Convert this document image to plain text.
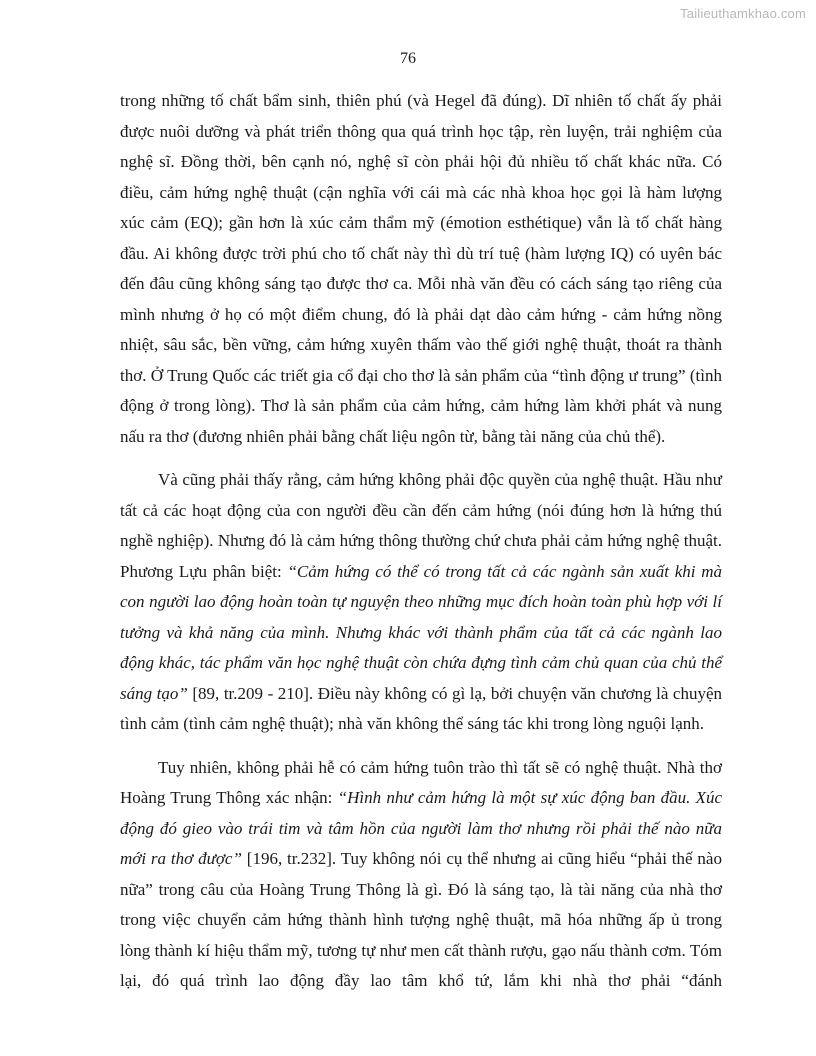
Tailieuthamkhao.com
76

trong những tố chất bẩm sinh, thiên phú (và Hegel đã đúng). Dĩ nhiên tố chất ấy phải được nuôi dưỡng và phát triển thông qua quá trình học tập, rèn luyện, trải nghiệm của nghệ sĩ. Đồng thời, bên cạnh nó, nghệ sĩ còn phải hội đủ nhiều tố chất khác nữa. Có điều, cảm hứng nghệ thuật (cận nghĩa với cái mà các nhà khoa học gọi là hàm lượng xúc cảm (EQ); gần hơn là xúc cảm thẩm mỹ (émotion esthétique) vẫn là tố chất hàng đầu. Ai không được trời phú cho tố chất này thì dù trí tuệ (hàm lượng IQ) có uyên bác đến đâu cũng không sáng tạo được thơ ca. Mỗi nhà văn đều có cách sáng tạo riêng của mình nhưng ở họ có một điểm chung, đó là phải dạt dào cảm hứng - cảm hứng nồng nhiệt, sâu sắc, bền vững, cảm hứng xuyên thấm vào thế giới nghệ thuật, thoát ra thành thơ. Ở Trung Quốc các triết gia cổ đại cho thơ là sản phẩm của “tình động ư trung” (tình động ở trong lòng). Thơ là sản phẩm của cảm hứng, cảm hứng làm khởi phát và nung nấu ra thơ (đương nhiên phải bằng chất liệu ngôn từ, bằng tài năng của chủ thể).

Và cũng phải thấy rằng, cảm hứng không phải độc quyền của nghệ thuật. Hầu như tất cả các hoạt động của con người đều cần đến cảm hứng (nói đúng hơn là hứng thú nghề nghiệp). Nhưng đó là cảm hứng thông thường chứ chưa phải cảm hứng nghệ thuật. Phương Lựu phân biệt: “Cảm hứng có thể có trong tất cả các ngành sản xuất khi mà con người lao động hoàn toàn tự nguyện theo những mục đích hoàn toàn phù hợp với lí tưởng và khả năng của mình. Nhưng khác với thành phẩm của tất cả các ngành lao động khác, tác phẩm văn học nghệ thuật còn chứa đựng tình cảm chủ quan của chủ thể sáng tạo” [89, tr.209 - 210]. Điều này không có gì lạ, bởi chuyện văn chương là chuyện tình cảm (tình cảm nghệ thuật); nhà văn không thể sáng tác khi trong lòng nguội lạnh.

Tuy nhiên, không phải hễ có cảm hứng tuôn trào thì tất sẽ có nghệ thuật. Nhà thơ Hoàng Trung Thông xác nhận: “Hình như cảm hứng là một sự xúc động ban đầu. Xúc động đó gieo vào trái tim và tâm hồn của người làm thơ nhưng rồi phải thế nào nữa mới ra thơ được” [196, tr.232]. Tuy không nói cụ thể nhưng ai cũng hiểu “phải thế nào nữa” trong câu của Hoàng Trung Thông là gì. Đó là sáng tạo, là tài năng của nhà thơ trong việc chuyển cảm hứng thành hình tượng nghệ thuật, mã hóa những ấp ủ trong lòng thành kí hiệu thẩm mỹ, tương tự như men cất thành rượu, gạo nấu thành cơm. Tóm lại, đó quá trình lao động đầy lao tâm khổ tứ, lắm khi nhà thơ phải “đánh
